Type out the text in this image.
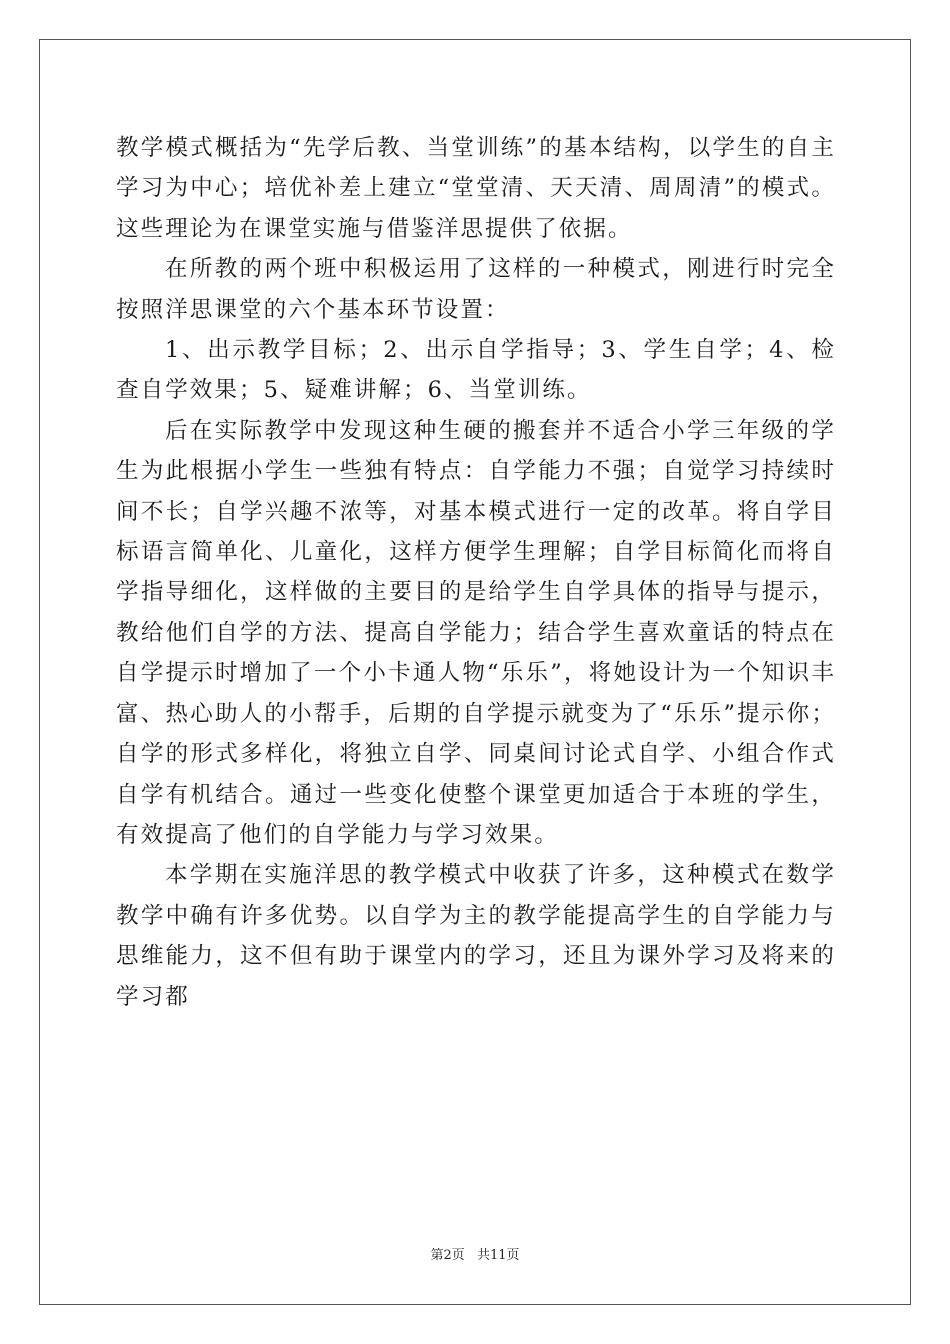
教学模式概括为“先学后教、当堂训练”的基本结构，以学生的自主学习为中心；培优补差上建立“堂堂清、天天清、周周清”的模式。这些理论为在课堂实施与借鉴洋思提供了依据。

在所教的两个班中积极运用了这样的一种模式，刚进行时完全按照洋思课堂的六个基本环节设置：

1、出示教学目标；2、出示自学指导；3、学生自学；4、检查自学效果；5、疑难讲解；6、当堂训练。

后在实际教学中发现这种生硬的搬套并不适合小学三年级的学生为此根据小学生一些独有特点：自学能力不强；自觉学习持续时间不长；自学兴趣不浓等，对基本模式进行一定的改革。将自学目标语言简单化、儿童化，这样方便学生理解；自学目标简化而将自学指导细化，这样做的主要目的是给学生自学具体的指导与提示，教给他们自学的方法、提高自学能力；结合学生喜欢童话的特点在自学提示时增加了一个小卡通人物“乐乐”，将她设计为一个知识丰富、热心助人的小帮手，后期的自学提示就变为了“乐乐”提示你；自学的形式多样化，将独立自学、同桌间讨论式自学、小组合作式自学有机结合。通过一些变化使整个课堂更加适合于本班的学生，有效提高了他们的自学能力与学习效果。

本学期在实施洋思的教学模式中收获了许多，这种模式在数学教学中确有许多优势。以自学为主的教学能提高学生的自学能力与思维能力，这不但有助于课堂内的学习，还且为课外学习及将来的学习都

第2页 共11页
